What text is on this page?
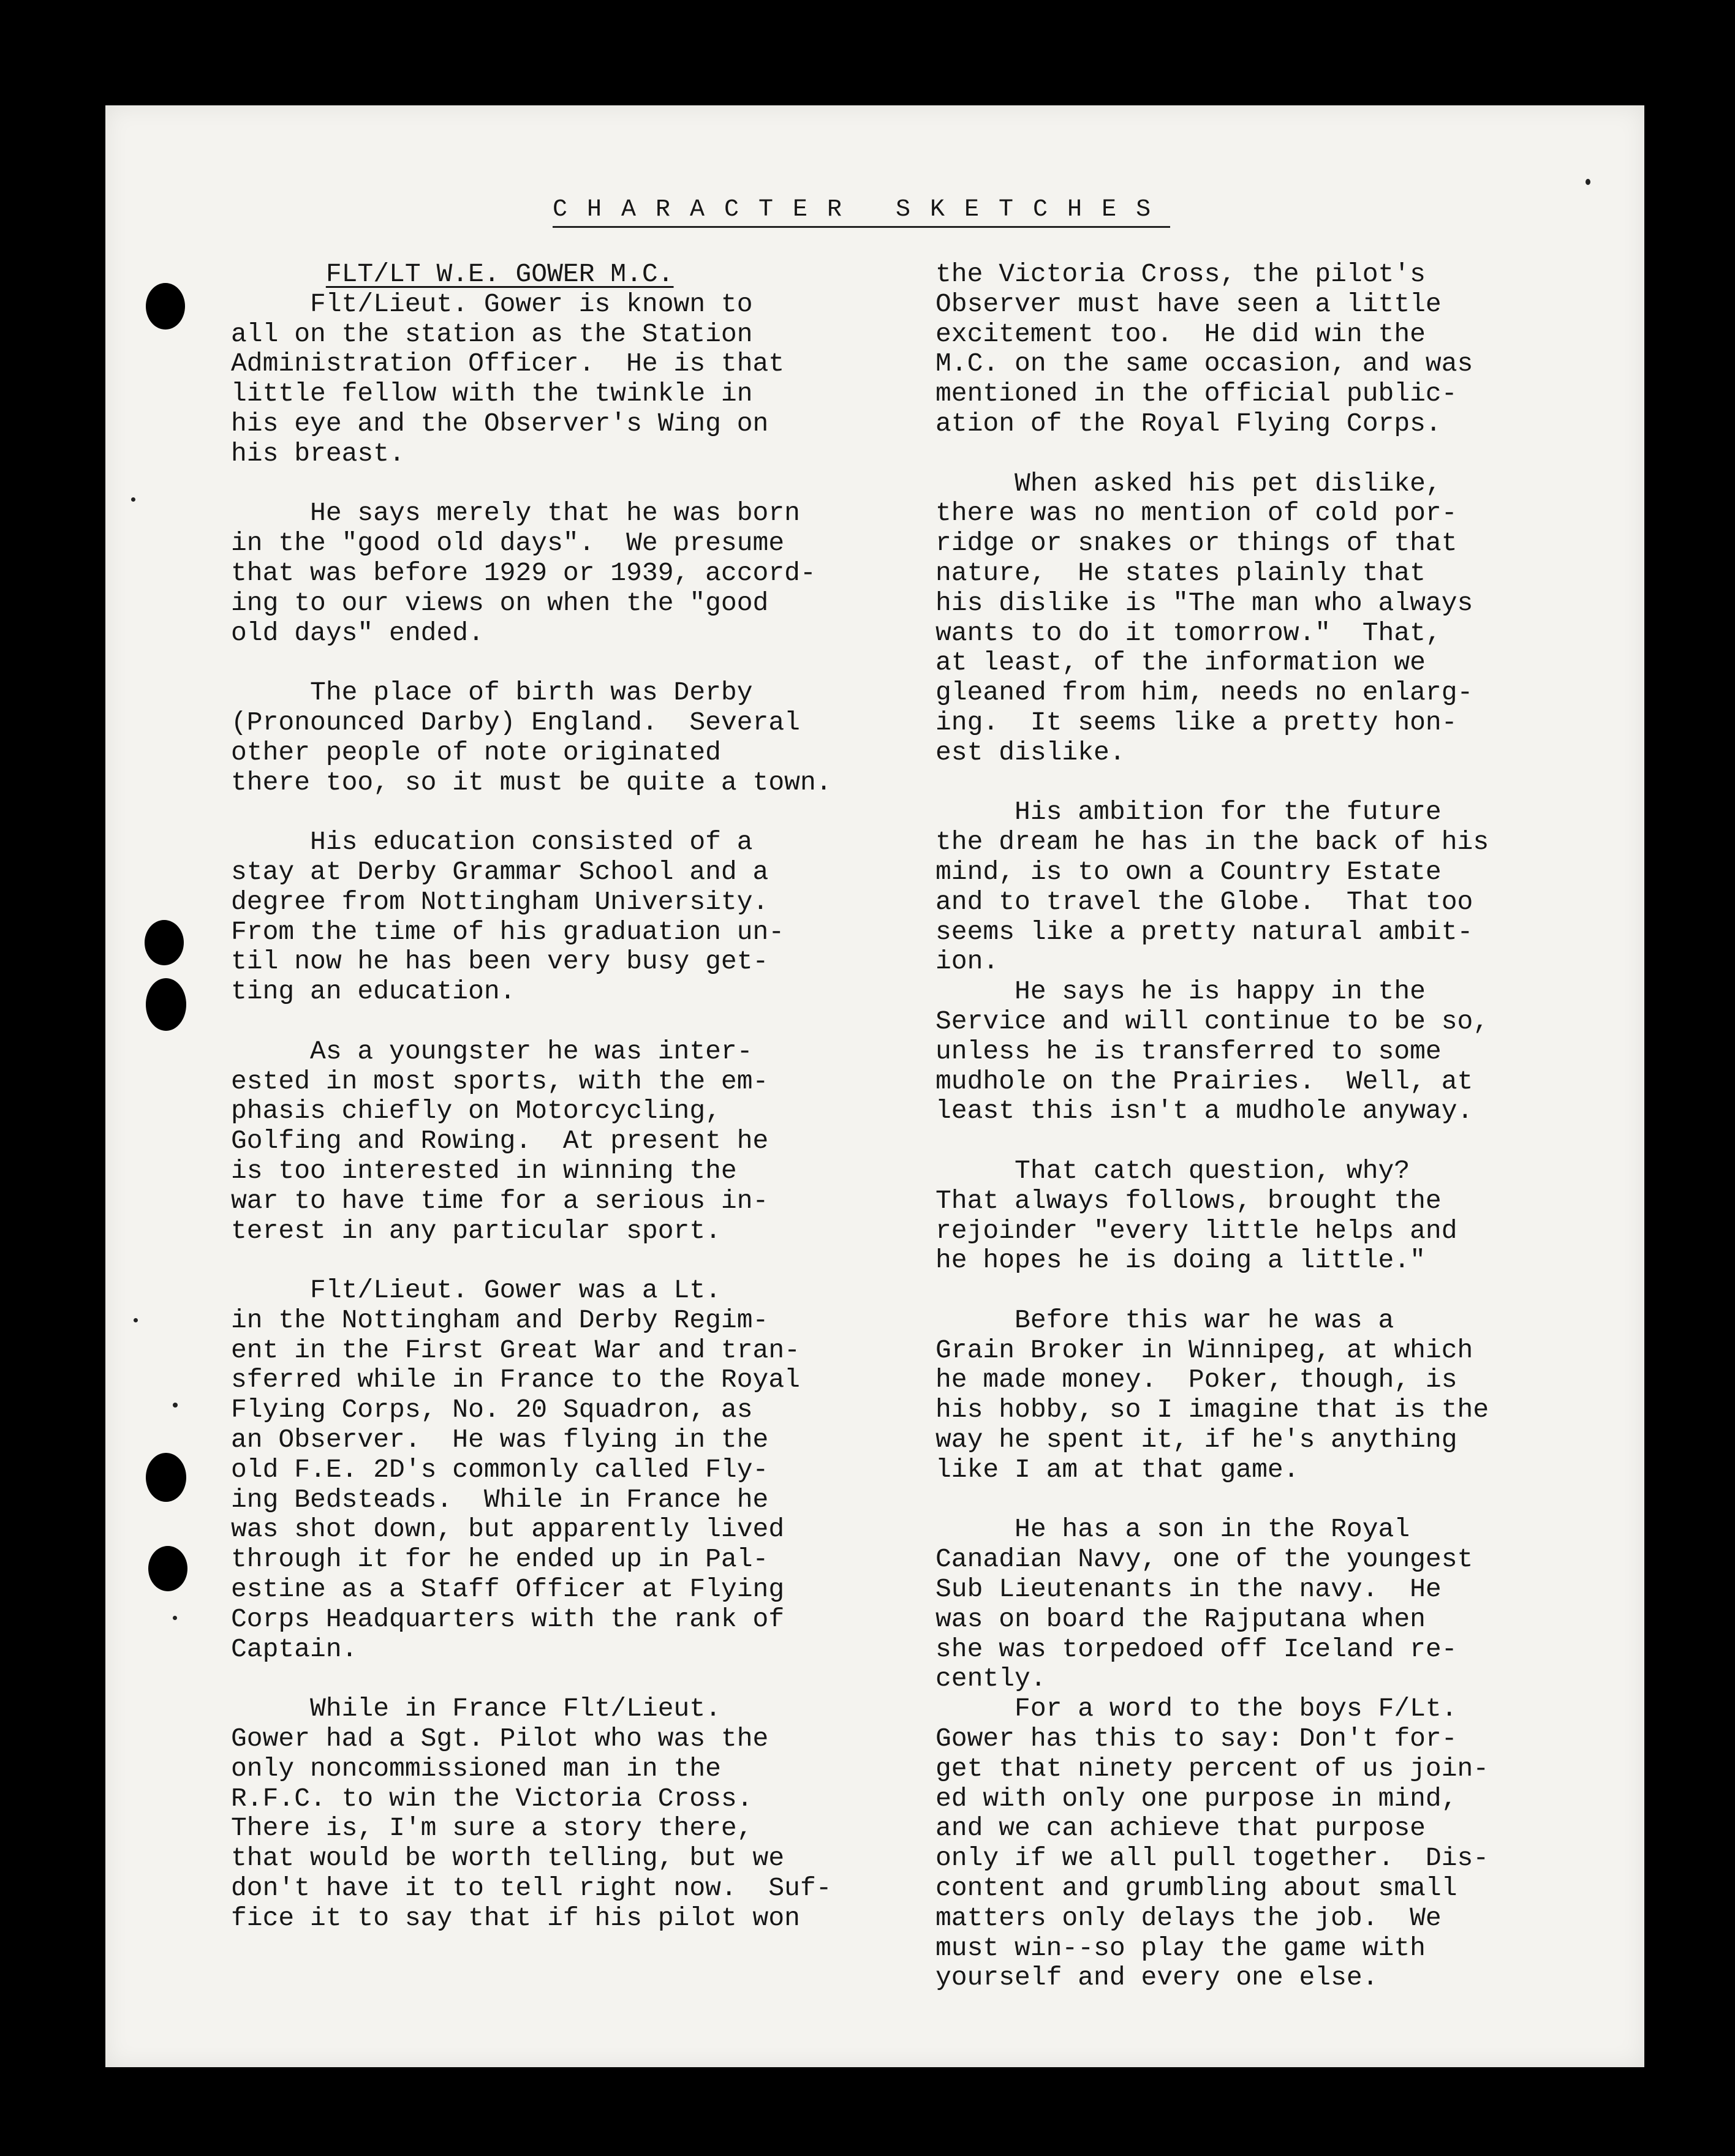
CHARACTER SKETCHES
FLT/LT W.E. GOWER M.C.
Flt/Lieut. Gower is known to
all on the station as the Station
Administration Officer.  He is that
little fellow with the twinkle in
his eye and the Observer's Wing on
his breast.
He says merely that he was born
in the "good old days".  We presume
that was before 1929 or 1939, accord-
ing to our views on when the "good
old days" ended.
The place of birth was Derby
(Pronounced Darby) England.  Several
other people of note originated
there too, so it must be quite a town.
His education consisted of a
stay at Derby Grammar School and a
degree from Nottingham University.
From the time of his graduation un-
til now he has been very busy get-
ting an education.
As a youngster he was inter-
ested in most sports, with the em-
phasis chiefly on Motorcycling,
Golfing and Rowing.  At present he
is too interested in winning the
war to have time for a serious in-
terest in any particular sport.
Flt/Lieut. Gower was a Lt.
in the Nottingham and Derby Regim-
ent in the First Great War and tran-
sferred while in France to the Royal
Flying Corps, No. 20 Squadron, as
an Observer.  He was flying in the
old F.E. 2D's commonly called Fly-
ing Bedsteads.  While in France he
was shot down, but apparently lived
through it for he ended up in Pal-
estine as a Staff Officer at Flying
Corps Headquarters with the rank of
Captain.
While in France Flt/Lieut.
Gower had a Sgt. Pilot who was the
only noncommissioned man in the
R.F.C. to win the Victoria Cross.
There is, I'm sure a story there,
that would be worth telling, but we
don't have it to tell right now.  Suf-
fice it to say that if his pilot won
the Victoria Cross, the pilot's
Observer must have seen a little
excitement too.  He did win the
M.C. on the same occasion, and was
mentioned in the official public-
ation of the Royal Flying Corps.
When asked his pet dislike,
there was no mention of cold por-
ridge or snakes or things of that
nature,  He states plainly that
his dislike is "The man who always
wants to do it tomorrow."  That,
at least, of the information we
gleaned from him, needs no enlarg-
ing.  It seems like a pretty hon-
est dislike.
His ambition for the future
the dream he has in the back of his
mind, is to own a Country Estate
and to travel the Globe.  That too
seems like a pretty natural ambit-
ion.
He says he is happy in the
Service and will continue to be so,
unless he is transferred to some
mudhole on the Prairies.  Well, at
least this isn't a mudhole anyway.
That catch question, why?
That always follows, brought the
rejoinder "every little helps and
he hopes he is doing a little."
Before this war he was a
Grain Broker in Winnipeg, at which
he made money.  Poker, though, is
his hobby, so I imagine that is the
way he spent it, if he's anything
like I am at that game.
He has a son in the Royal
Canadian Navy, one of the youngest
Sub Lieutenants in the navy.  He
was on board the Rajputana when
she was torpedoed off Iceland re-
cently.
For a word to the boys F/Lt.
Gower has this to say: Don't for-
get that ninety percent of us join-
ed with only one purpose in mind,
and we can achieve that purpose
only if we all pull together.  Dis-
content and grumbling about small
matters only delays the job.  We
must win--so play the game with
yourself and every one else.
